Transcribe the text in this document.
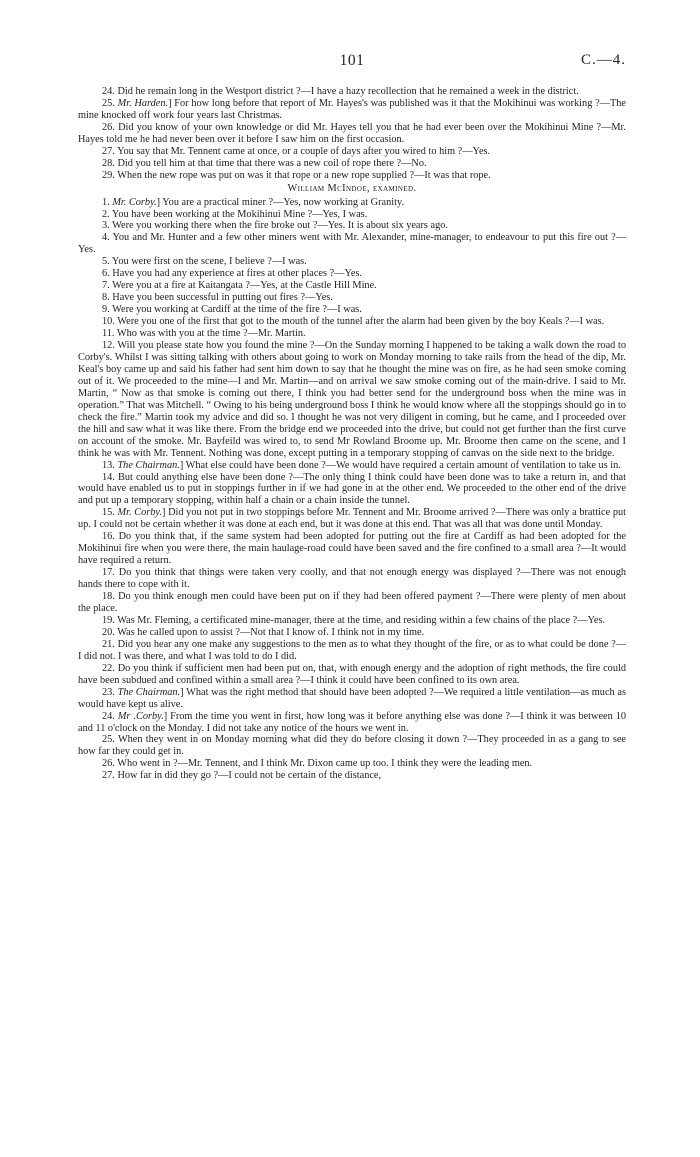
101	C.—4.

24. Did he remain long in the Westport district ?—I have a hazy recollection that he remained a week in the district.

25. Mr. Harden.] For how long before that report of Mr. Hayes's was published was it that the Mokihinui was working ?—The mine knocked off work four years last Christmas.

26. Did you know of your own knowledge or did Mr. Hayes tell you that he had ever been over the Mokihinui Mine ?—Mr. Hayes told me he had never been over it before I saw him on the first occasion.

27. You say that Mr. Tennent came at once, or a couple of days after you wired to him ?—Yes.

28. Did you tell him at that time that there was a new coil of rope there ?—No.

29. When the new rope was put on was it that rope or a new rope supplied ?—It was that rope.

William McIndoe, examined.

1. Mr. Corby.] You are a practical miner ?—Yes, now working at Granity.

2. You have been working at the Mokihinui Mine ?—Yes, I was.

3. Were you working there when the fire broke out ?—Yes. It is about six years ago.

4. You and Mr. Hunter and a few other miners went with Mr. Alexander, mine-manager, to endeavour to put this fire out ?—Yes.

5. You were first on the scene, I believe ?—I was.

6. Have you had any experience at fires at other places ?—Yes.

7. Were you at a fire at Kaitangata ?—Yes, at the Castle Hill Mine.

8. Have you been successful in putting out fires ?—Yes.

9. Were you working at Cardiff at the time of the fire ?—I was.

10. Were you one of the first that got to the mouth of the tunnel after the alarm had been given by the boy Keals ?—I was.

11. Who was with you at the time ?—Mr. Martin.

12. Will you please state how you found the mine ?—On the Sunday morning I happened to be taking a walk down the road to Corby's. Whilst I was sitting talking with others about going to work on Monday morning to take rails from the head of the dip, Mr. Keal's boy came up and said his father had sent him down to say that he thought the mine was on fire, as he had seen smoke coming out of it. We proceeded to the mine—I and Mr. Martin—and on arrival we saw smoke coming out of the main-drive. I said to Mr. Martin, “ Now as that smoke is coming out there, I think you had better send for the underground boss when the mine was in operation.” That was Mitchell. “ Owing to his being underground boss I think he would know where all the stoppings should go in to check the fire.” Martin took my advice and did so. I thought he was not very diligent in coming, but he came, and I proceeded over the hill and saw what it was like there. From the bridge end we proceeded into the drive, but could not get further than the first curve on account of the smoke. Mr. Bayfeild was wired to, to send Mr Rowland Broome up. Mr. Broome then came on the scene, and I think he was with Mr. Tennent. Nothing was done, except putting in a temporary stopping of canvas on the side next to the bridge.

13. The Chairman.] What else could have been done ?—We would have required a certain amount of ventilation to take us in.

14. But could anything else have been done ?—The only thing I think could have been done was to take a return in, and that would have enabled us to put in stoppings further in if we had gone in at the other end. We proceeded to the other end of the drive and put up a temporary stopping, within half a chain or a chain inside the tunnel.

15. Mr. Corby.] Did you not put in two stoppings before Mr. Tennent and Mr. Broome arrived ?—There was only a brattice put up. I could not be certain whether it was done at each end, but it was done at this end. That was all that was done until Monday.

16. Do you think that, if the same system had been adopted for putting out the fire at Cardiff as had been adopted for the Mokihinui fire when you were there, the main haulage-road could have been saved and the fire confined to a small area ?—It would have required a return.

17. Do you think that things were taken very coolly, and that not enough energy was displayed ?—There was not enough hands there to cope with it.

18. Do you think enough men could have been put on if they had been offered payment ?—There were plenty of men about the place.

19. Was Mr. Fleming, a certificated mine-manager, there at the time, and residing within a few chains of the place ?—Yes.

20. Was he called upon to assist ?—Not that I know of. I think not in my time.

21. Did you hear any one make any suggestions to the men as to what they thought of the fire, or as to what could be done ?—I did not. I was there, and what I was told to do I did.

22. Do you think if sufficient men had been put on, that, with enough energy and the adoption of right methods, the fire could have been subdued and confined within a small area ?—I think it could have been confined to its own area.

23. The Chairman.] What was the right method that should have been adopted ?—We required a little ventilation—as much as would have kept us alive.

24. Mr .Corby.] From the time you went in first, how long was it before anything else was done ?—I think it was between 10 and 11 o'clock on the Monday. I did not take any notice of the hours we went in.

25. When they went in on Monday morning what did they do before closing it down ?—They proceeded in as a gang to see how far they could get in.

26. Who went in ?—Mr. Tennent, and I think Mr. Dixon came up too. I think they were the leading men.

27. How far in did they go ?—I could not be certain of the distance,
